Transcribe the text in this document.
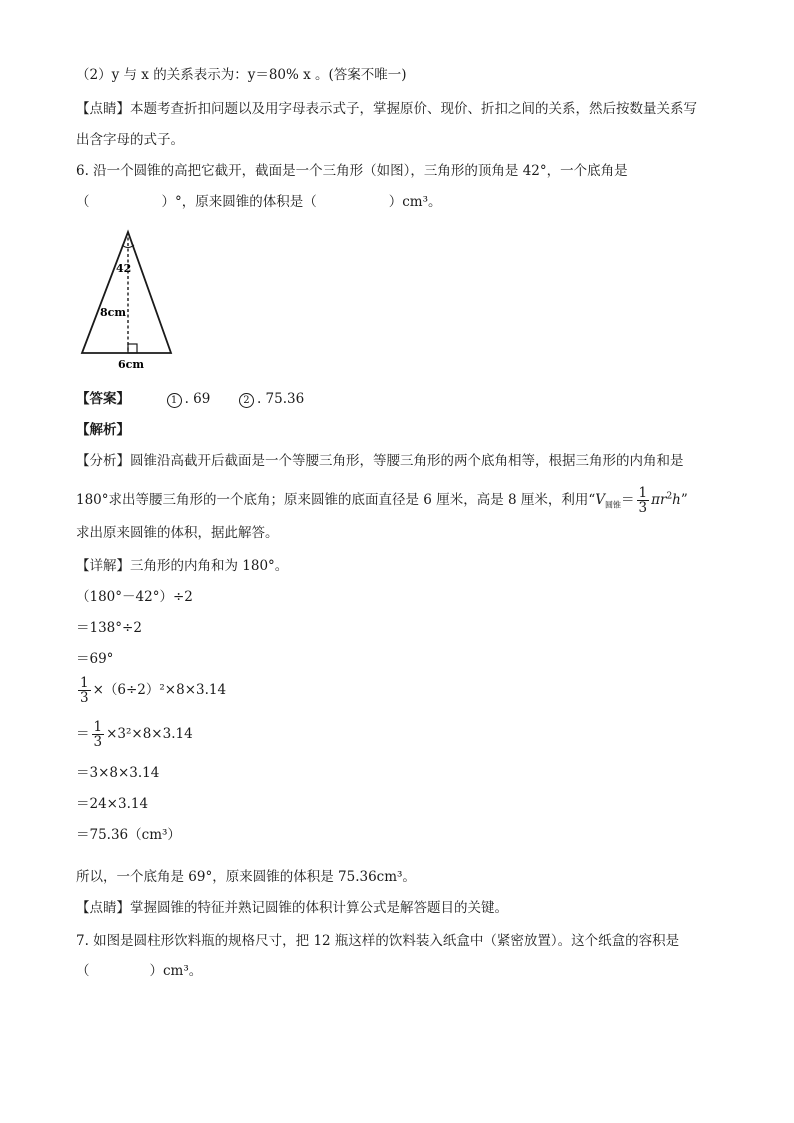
（2）y 与 x 的关系表示为：y＝80% x 。(答案不唯一)
【点睛】本题考查折扣问题以及用字母表示式子，掌握原价、现价、折扣之间的关系，然后按数量关系写
出含字母的式子。
6. 沿一个圆锥的高把它截开，截面是一个三角形（如图），三角形的顶角是 42°，一个底角是
（	）°，原来圆锥的体积是（	）cm³。
42
8cm
6cm
【答案】	1 . 69	2 . 75.36
【解析】
【分析】圆锥沿高截开后截面是一个等腰三角形，等腰三角形的两个底角相等，根据三角形的内角和是
180°求出等腰三角形的一个底角；原来圆锥的底面直径是 6 厘米，高是 8 厘米，利用“$V_{圆锥}= \frac{1}{3} \pi r^2h$”
求出原来圆锥的体积，据此解答。
【详解】三角形的内角和为 180°。
（180°－42°）÷2
＝138°÷2
＝69°
$\frac{1}{3} \times(6\div 2)^2\times 8\times 3.14$
＝ $\frac{1}{3} \times 3^2\times 8\times 3.14$
＝3×8×3.14
＝24×3.14
＝75.36（cm³）
所以，一个底角是 69°，原来圆锥的体积是 75.36cm³。
【点睛】掌握圆锥的特征并熟记圆锥的体积计算公式是解答题目的关键。
7. 如图是圆柱形饮料瓶的规格尺寸，把 12 瓶这样的饮料装入纸盒中（紧密放置）。这个纸盒的容积是
（	）cm³。
